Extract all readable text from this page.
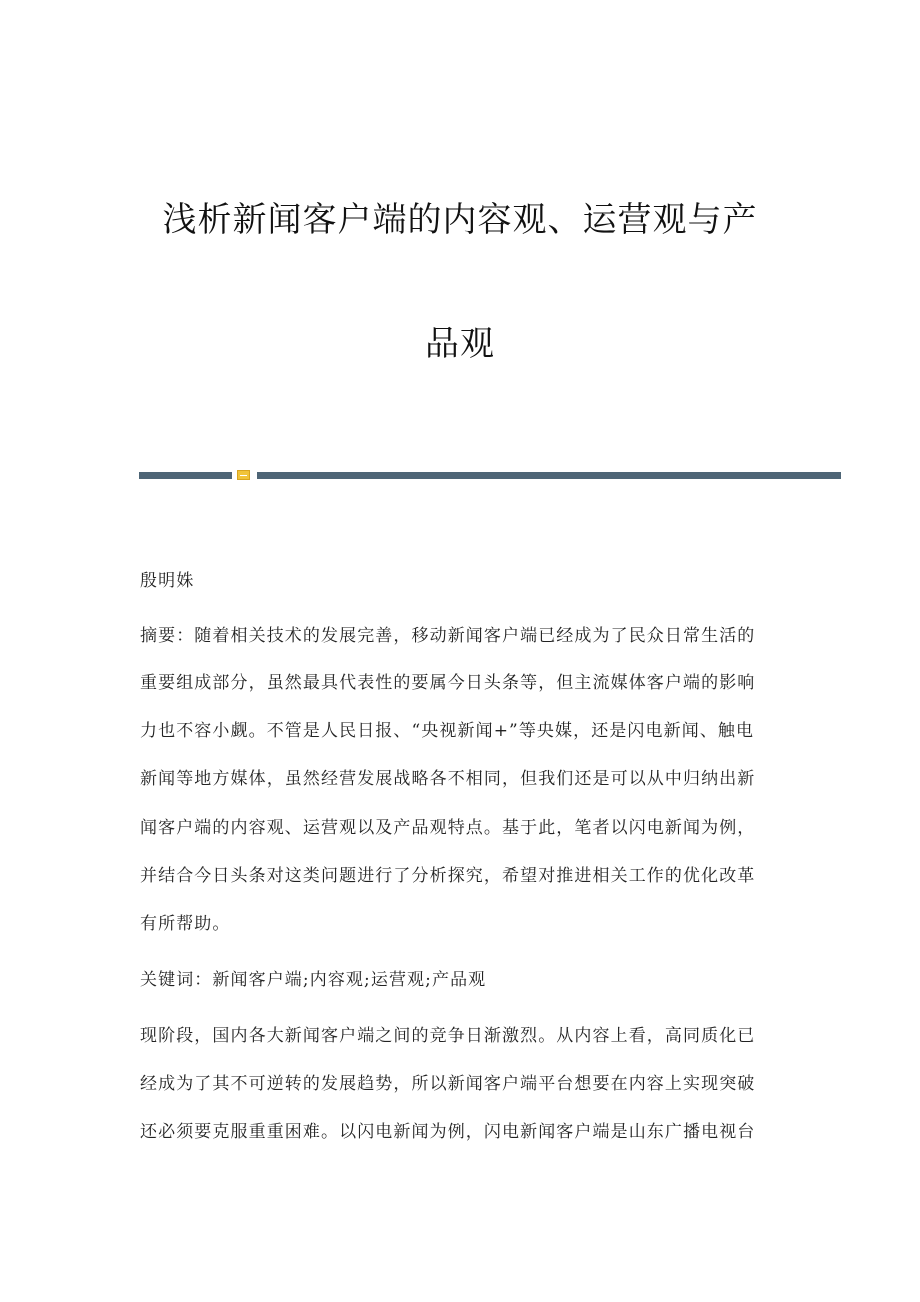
浅析新闻客户端的内容观、运营观与产
品观
殷明姝
摘要：随着相关技术的发展完善，移动新闻客户端已经成为了民众日常生活的
重要组成部分，虽然最具代表性的要属今日头条等，但主流媒体客户端的影响
力也不容小觑。不管是人民日报、“央视新闻+”等央媒，还是闪电新闻、触电
新闻等地方媒体，虽然经营发展战略各不相同，但我们还是可以从中归纳出新
闻客户端的内容观、运营观以及产品观特点。基于此，笔者以闪电新闻为例，
并结合今日头条对这类问题进行了分析探究，希望对推进相关工作的优化改革
有所帮助。
关键词：新闻客户端;内容观;运营观;产品观
现阶段，国内各大新闻客户端之间的竞争日渐激烈。从内容上看，高同质化已
经成为了其不可逆转的发展趋势，所以新闻客户端平台想要在内容上实现突破
还必须要克服重重困难。以闪电新闻为例，闪电新闻客户端是山东广播电视台
